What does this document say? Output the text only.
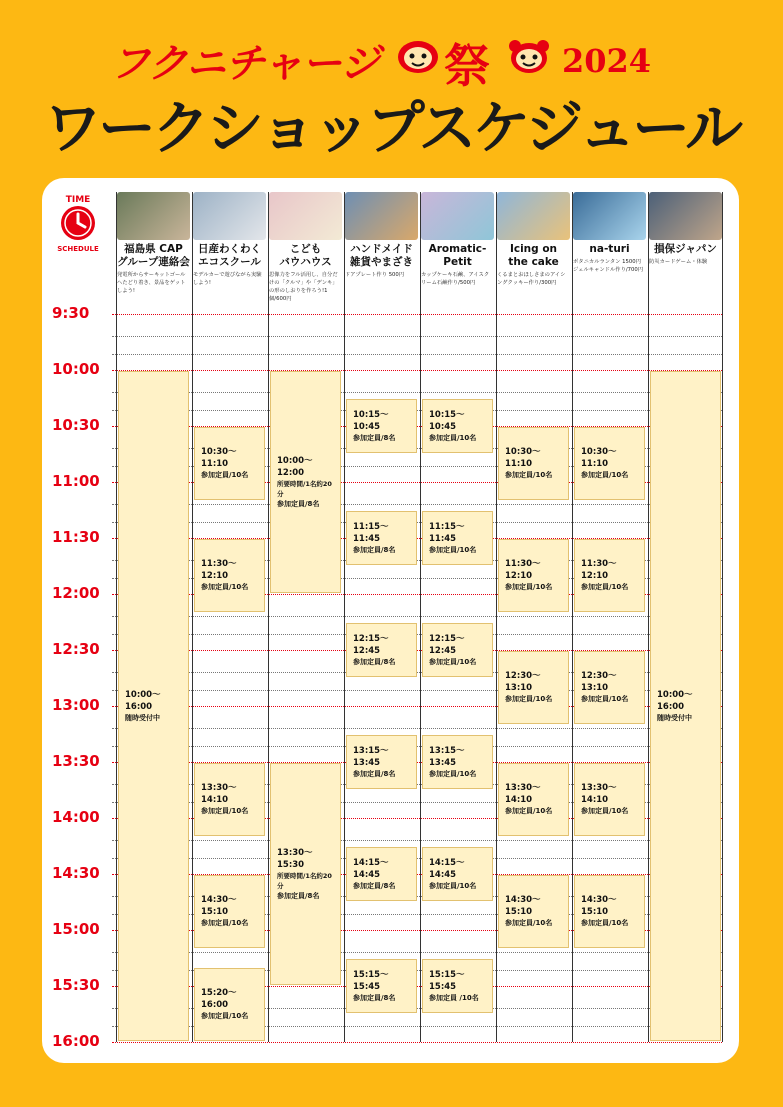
フクニチャージ 祭 2024
ワークショップスケジュール
TIME
SCHEDULE	福島県 CAP
グループ連絡会
発電所からサーキットゴールへたどり着き、景品をゲットしよう!
日産わくわく
エコスクール
モデルカーで遊びながら実験しよう!
こども
バウハウス
思像力をフル活用し、自分だけの「クルマ」や「デンキ」の形のしおりを作ろう!1個/600円
ハンドメイド
雑貨やまざき
ドアプレート作り 500円
Aromatic-
Petit
カップケーキ石鹸、アイスクリーム石鹸作り/500円
Icing on
the cake
くるまとおほしさまのアイシングクッキー作り/300円
na-turi
ボタニカルランタン 1500円 ジェルキャンドル作り/700円
損保ジャパン
防災カードゲーム・体験
9:30
10:00
10:30
11:00
11:30
12:00
12:30
13:00
13:30
14:00
14:30
15:00
15:30
16:00
10:00〜16:00
随時受付中
10:30〜11:10
参加定員/10名
11:30〜12:10
参加定員/10名
13:30〜14:10
参加定員/10名
14:30〜15:10
参加定員/10名
15:20〜16:00
参加定員/10名
10:00〜12:00
所要時間/1名約20分
参加定員/8名
13:30〜15:30
所要時間/1名約20分
参加定員/8名
10:15〜10:45
参加定員/8名
11:15〜11:45
参加定員/8名
12:15〜12:45
参加定員/8名
13:15〜13:45
参加定員/8名
14:15〜14:45
参加定員/8名
15:15〜15:45
参加定員/8名
10:15〜10:45
参加定員/10名
11:15〜11:45
参加定員/10名
12:15〜12:45
参加定員/10名
13:15〜13:45
参加定員/10名
14:15〜14:45
参加定員/10名
15:15〜15:45
参加定員 /10名
10:30〜11:10
参加定員/10名
11:30〜12:10
参加定員/10名
12:30〜13:10
参加定員/10名
13:30〜14:10
参加定員/10名
14:30〜15:10
参加定員/10名
10:30〜11:10
参加定員/10名
11:30〜12:10
参加定員/10名
12:30〜13:10
参加定員/10名
13:30〜14:10
参加定員/10名
14:30〜15:10
参加定員/10名
10:00〜16:00
随時受付中
